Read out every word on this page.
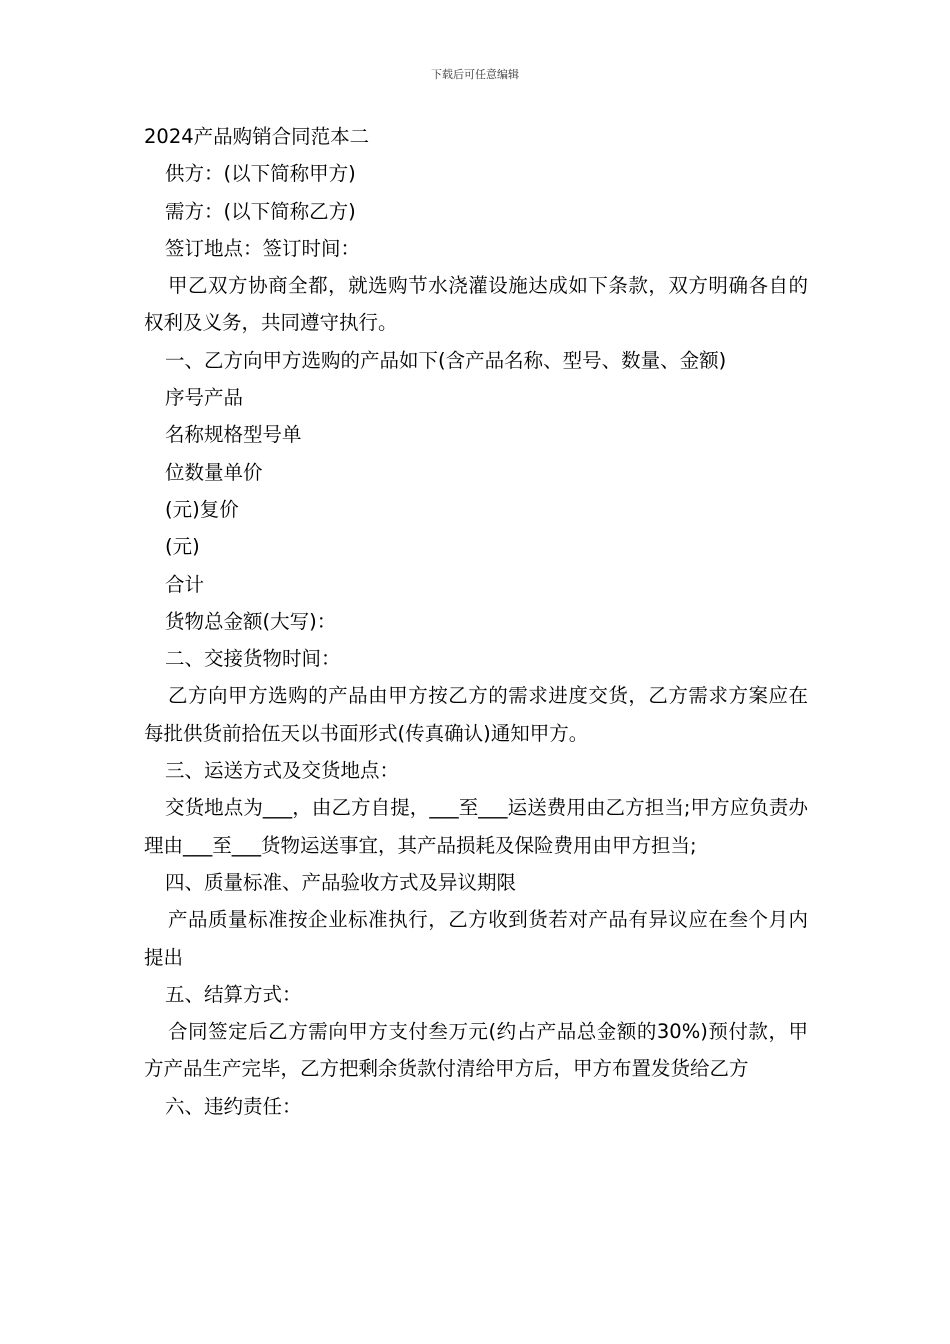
下载后可任意编辑

2024产品购销合同范本二

供方：(以下简称甲方)

需方：(以下简称乙方)

签订地点：签订时间：

甲乙双方协商全都，就选购节水浇灌设施达成如下条款，双方明确各自的权利及义务，共同遵守执行。

一、乙方向甲方选购的产品如下(含产品名称、型号、数量、金额)

序号产品

名称规格型号单

位数量单价

(元)复价

(元)

合计

货物总金额(大写)：

二、交接货物时间：

乙方向甲方选购的产品由甲方按乙方的需求进度交货，乙方需求方案应在每批供货前拾伍天以书面形式(传真确认)通知甲方。

三、运送方式及交货地点：

交货地点为___，由乙方自提，___至___运送费用由乙方担当;甲方应负责办理由___至___货物运送事宜，其产品损耗及保险费用由甲方担当;

四、质量标准、产品验收方式及异议期限

产品质量标准按企业标准执行，乙方收到货若对产品有异议应在叁个月内提出

五、结算方式：

合同签定后乙方需向甲方支付叁万元(约占产品总金额的30%)预付款，甲方产品生产完毕，乙方把剩余货款付清给甲方后，甲方布置发货给乙方

六、违约责任：
